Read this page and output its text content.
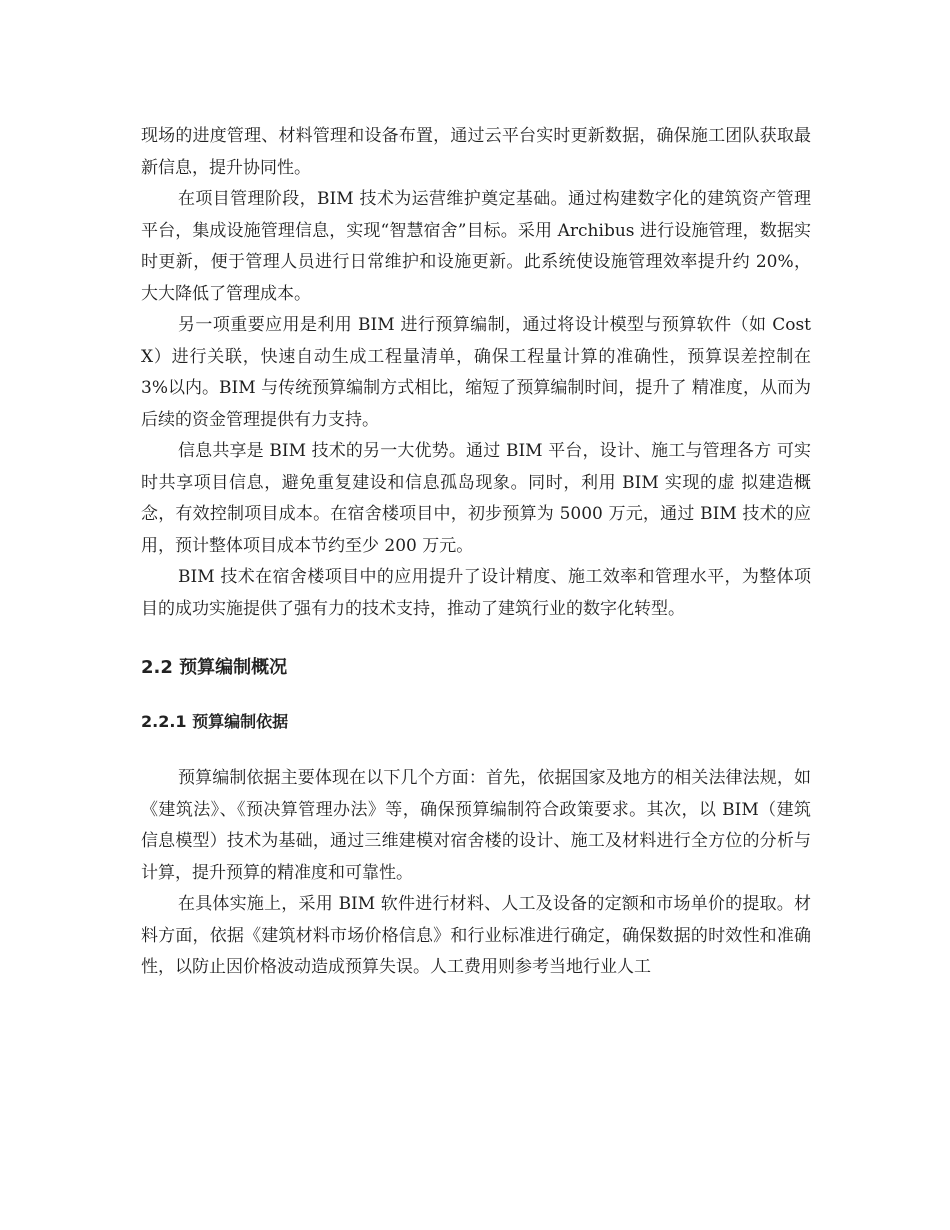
现场的进度管理、材料管理和设备布置，通过云平台实时更新数据，确保施工团队获取最新信息，提升协同性。

在项目管理阶段，BIM 技术为运营维护奠定基础。通过构建数字化的建筑资产管理平台，集成设施管理信息，实现“智慧宿舍”目标。采用 Archibus 进行设施管理，数据实时更新，便于管理人员进行日常维护和设施更新。此系统使设施管理效率提升约 20%，大大降低了管理成本。

另一项重要应用是利用 BIM 进行预算编制，通过将设计模型与预算软件（如 CostX）进行关联，快速自动生成工程量清单，确保工程量计算的准确性，预算误差控制在 3%以内。BIM 与传统预算编制方式相比，缩短了预算编制时间，提升了 精准度，从而为后续的资金管理提供有力支持。

信息共享是 BIM 技术的另一大优势。通过 BIM 平台，设计、施工与管理各方 可实时共享项目信息，避免重复建设和信息孤岛现象。同时，利用 BIM 实现的虚 拟建造概念，有效控制项目成本。在宿舍楼项目中，初步预算为 5000 万元，通过 BIM 技术的应用，预计整体项目成本节约至少 200 万元。

BIM 技术在宿舍楼项目中的应用提升了设计精度、施工效率和管理水平，为整体项目的成功实施提供了强有力的技术支持，推动了建筑行业的数字化转型。

2.2 预算编制概况
2.2.1 预算编制依据

预算编制依据主要体现在以下几个方面：首先，依据国家及地方的相关法律法规，如《建筑法》、《预决算管理办法》等，确保预算编制符合政策要求。其次，以 BIM（建筑信息模型）技术为基础，通过三维建模对宿舍楼的设计、施工及材料进行全方位的分析与计算，提升预算的精准度和可靠性。

在具体实施上，采用 BIM 软件进行材料、人工及设备的定额和市场单价的提取。材料方面，依据《建筑材料市场价格信息》和行业标准进行确定，确保数据的时效性和准确性，以防止因价格波动造成预算失误。人工费用则参考当地行业人工
